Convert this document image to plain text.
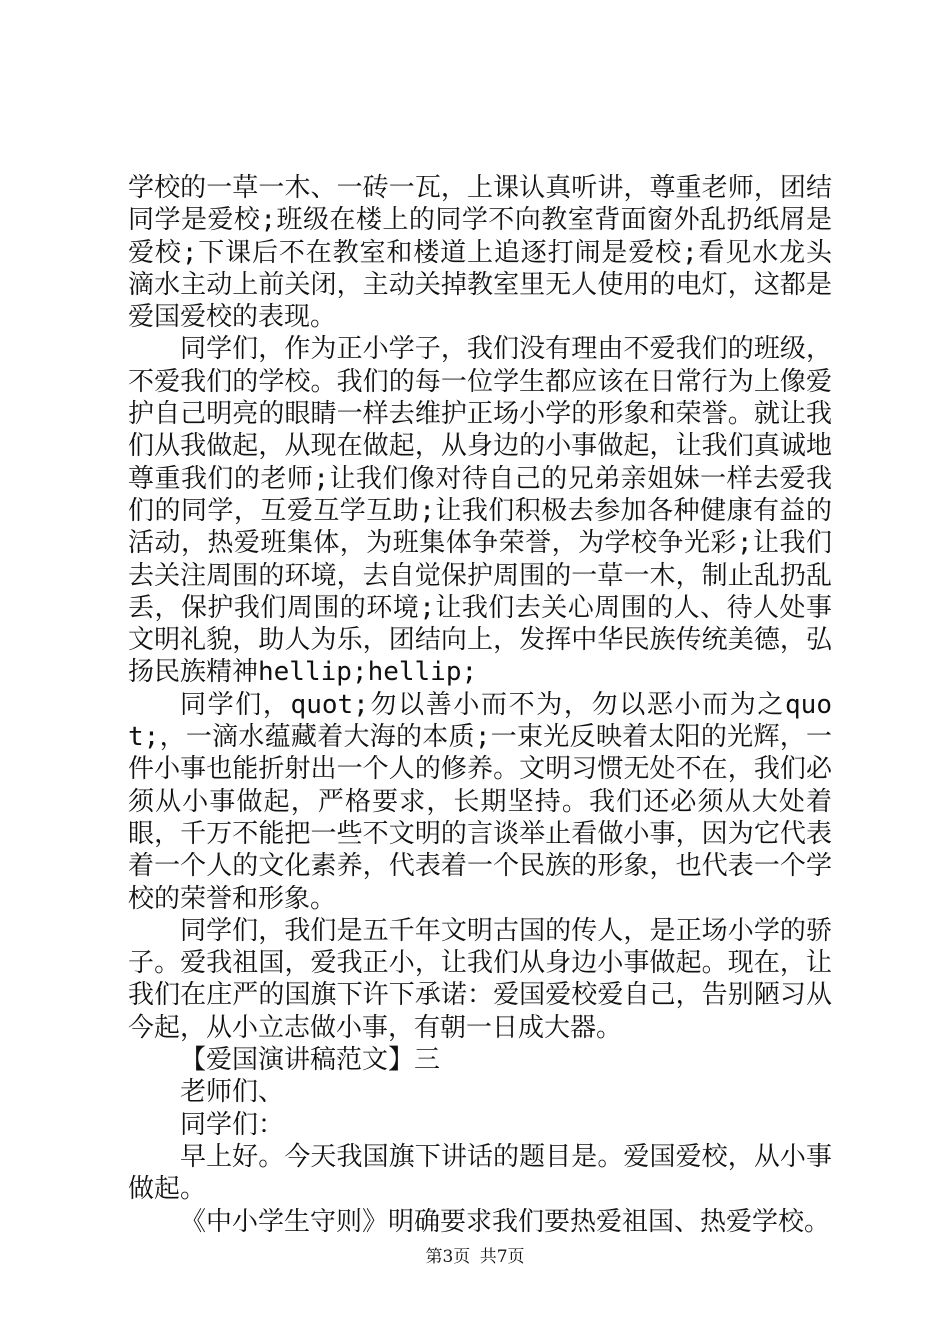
学校的一草一木、一砖一瓦，上课认真听讲，尊重老师，团结同学是爱校;班级在楼上的同学不向教室背面窗外乱扔纸屑是爱校;下课后不在教室和楼道上追逐打闹是爱校;看见水龙头滴水主动上前关闭，主动关掉教室里无人使用的电灯，这都是爱国爱校的表现。

同学们，作为正小学子，我们没有理由不爱我们的班级，不爱我们的学校。我们的每一位学生都应该在日常行为上像爱护自己明亮的眼睛一样去维护正场小学的形象和荣誉。就让我们从我做起，从现在做起，从身边的小事做起，让我们真诚地尊重我们的老师;让我们像对待自己的兄弟亲姐妹一样去爱我们的同学，互爱互学互助;让我们积极去参加各种健康有益的活动，热爱班集体，为班集体争荣誉，为学校争光彩;让我们去关注周围的环境，去自觉保护周围的一草一木，制止乱扔乱丢，保护我们周围的环境;让我们去关心周围的人、待人处事文明礼貌，助人为乐，团结向上，发挥中华民族传统美德，弘扬民族精神hellip;hellip;

同学们，quot;勿以善小而不为，勿以恶小而为之quot;，一滴水蕴藏着大海的本质;一束光反映着太阳的光辉，一件小事也能折射出一个人的修养。文明习惯无处不在，我们必须从小事做起，严格要求，长期坚持。我们还必须从大处着眼，千万不能把一些不文明的言谈举止看做小事，因为它代表着一个人的文化素养，代表着一个民族的形象，也代表一个学校的荣誉和形象。

同学们，我们是五千年文明古国的传人，是正场小学的骄子。爱我祖国，爱我正小，让我们从身边小事做起。现在，让我们在庄严的国旗下许下承诺：爱国爱校爱自己，告别陋习从今起，从小立志做小事，有朝一日成大器。

【爱国演讲稿范文】三

老师们、

同学们：

早上好。今天我国旗下讲话的题目是。爱国爱校，从小事做起。

《中小学生守则》明确要求我们要热爱祖国、热爱学校。

第3页 共7页
